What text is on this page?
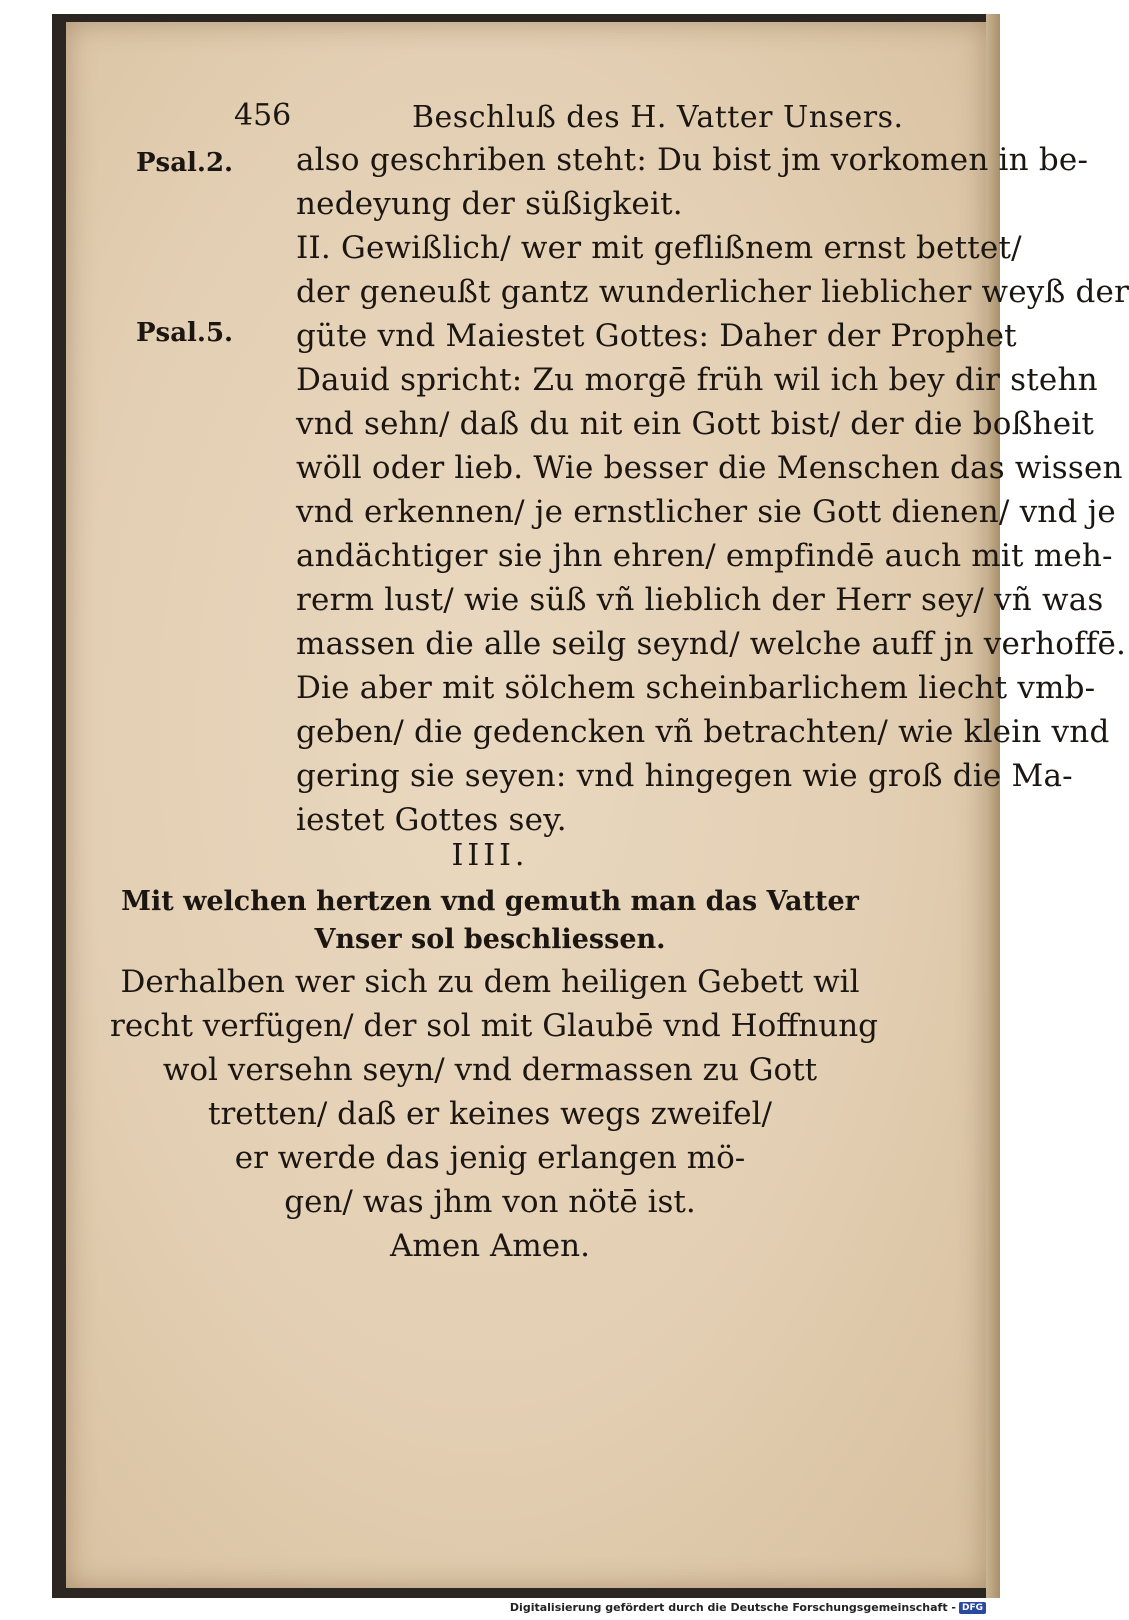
456	Beschluß des H. Vatter Unsers.
Psal.2.
Psal.5.
also geschriben steht: Du bist jm vorkomen in be-
nedeyung der süßigkeit.
II. Gewißlich/ wer mit geflißnem ernst bettet/
der geneußt gantz wunderlicher lieblicher weyß der
güte vnd Maiestet Gottes: Daher der Prophet
Dauid spricht: Zu morgē früh wil ich bey dir stehn
vnd sehn/ daß du nit ein Gott bist/ der die boßheit
wöll oder lieb. Wie besser die Menschen das wissen
vnd erkennen/ je ernstlicher sie Gott dienen/ vnd je
andächtiger sie jhn ehren/ empfindē auch mit meh-
rerm lust/ wie süß vñ lieblich der Herr sey/ vñ was
massen die alle seilg seynd/ welche auff jn verhoffē.
Die aber mit sölchem scheinbarlichem liecht vmb-
geben/ die gedencken vñ betrachten/ wie klein vnd
gering sie seyen: vnd hingegen wie groß die Ma-
iestet Gottes sey.
IIII.
Mit welchen hertzen vnd gemuth man das Vatter
Vnser sol beschliessen.
Derhalben wer sich zu dem heiligen Gebett wil
recht verfügen/ der sol mit Glaubē vnd Hoffnung
wol versehn seyn/ vnd dermassen zu Gott
tretten/ daß er keines wegs zweifel/
er werde das jenig erlangen mö-
gen/ was jhm von nötē ist.
Amen Amen.
Digitalisierung gefördert durch die Deutsche Forschungsgemeinschaft - DFG
